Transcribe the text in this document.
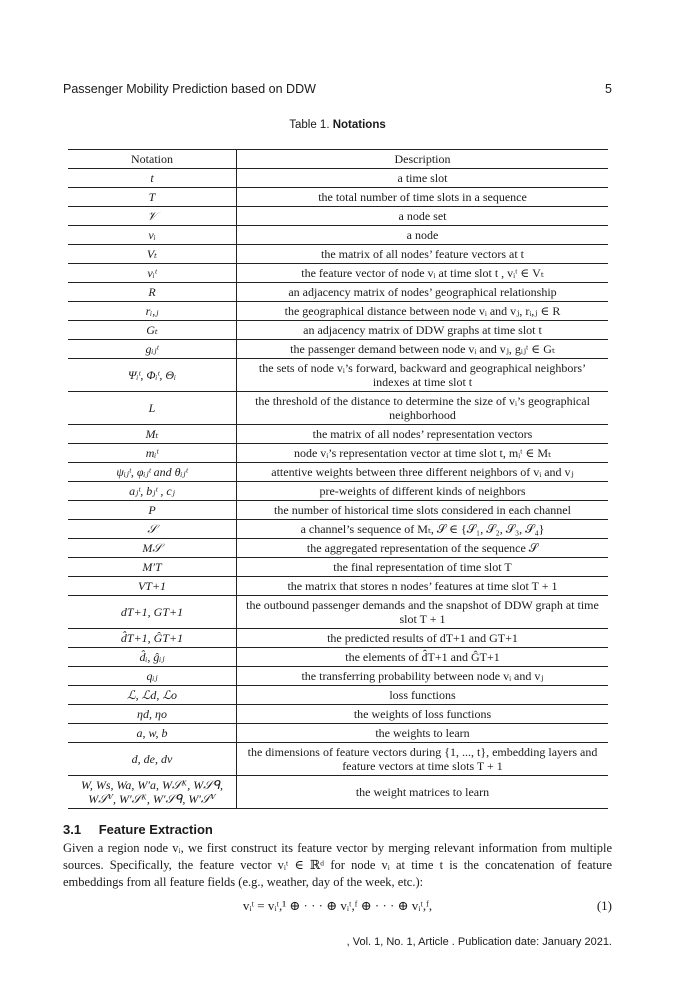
Passenger Mobility Prediction based on DDW	5
Table 1. Notations
Notation	Description
t	a time slot
T	the total number of time slots in a sequence
𝒱	a node set
vᵢ	a node
Vₜ	the matrix of all nodes’ feature vectors at t
vᵢᵗ	the feature vector of node vᵢ at time slot t , vᵢᵗ ∈ Vₜ
R	an adjacency matrix of nodes’ geographical relationship
rᵢ,ⱼ	the geographical distance between node vᵢ and vⱼ, rᵢ,ⱼ ∈ R
Gₜ	an adjacency matrix of DDW graphs at time slot t
gᵢⱼᵗ	the passenger demand between node vᵢ and vⱼ, gᵢⱼᵗ ∈ Gₜ
Ψᵢᵗ, Φᵢᵗ, Θᵢ	the sets of node vᵢ’s forward, backward and geographical neighbors’ indexes at time slot t
L	the threshold of the distance to determine the size of vᵢ’s geographical neighborhood
Mₜ	the matrix of all nodes’ representation vectors
mᵢᵗ	node vᵢ’s representation vector at time slot t, mᵢᵗ ∈ Mₜ
ψᵢⱼᵗ, φᵢⱼᵗ and θᵢⱼᵗ	attentive weights between three different neighbors of vᵢ and vⱼ
aⱼᵗ, bⱼᵗ , cⱼ	pre-weights of different kinds of neighbors
P	the number of historical time slots considered in each channel
𝒮	a channel’s sequence of Mₜ, 𝒮 ∈ {𝒮₁, 𝒮₂, 𝒮₃, 𝒮₄}
M𝒮	the aggregated representation of the sequence 𝒮
M′T	the final representation of time slot T
VT+1	the matrix that stores n nodes’ features at time slot T + 1
dT+1, GT+1	the outbound passenger demands and the snapshot of DDW graph at time slot T + 1
d̂T+1, ĜT+1	the predicted results of dT+1 and GT+1
d̂ᵢ, ĝᵢⱼ	the elements of d̂T+1 and ĜT+1
qᵢⱼ	the transferring probability between node vᵢ and vⱼ
ℒ, ℒd, ℒo	loss functions
ηd, ηo	the weights of loss functions
a, w, b	the weights to learn
d, de, dv	the dimensions of feature vectors during {1, ..., t}, embedding layers and feature vectors at time slots T + 1
W, Ws, Wa, W′a, W𝒮ᴷ, W𝒮ᑫ, W𝒮ⱽ, W′𝒮ᴷ, W′𝒮ᑫ, W′𝒮ⱽ	the weight matrices to learn
3.1 Feature Extraction
Given a region node vᵢ, we first construct its feature vector by merging relevant information from multiple sources. Specifically, the feature vector vᵢᵗ ∈ ℝᵈ for node vᵢ at time t is the concatenation of feature embeddings from all feature fields (e.g., weather, day of the week, etc.):
vᵢᵗ = vᵢᵗ,¹ ⊕ · · · ⊕ vᵢᵗ,ᶠ ⊕ · · · ⊕ vᵢᵗ,ᶠ,	(1)
, Vol. 1, No. 1, Article . Publication date: January 2021.
